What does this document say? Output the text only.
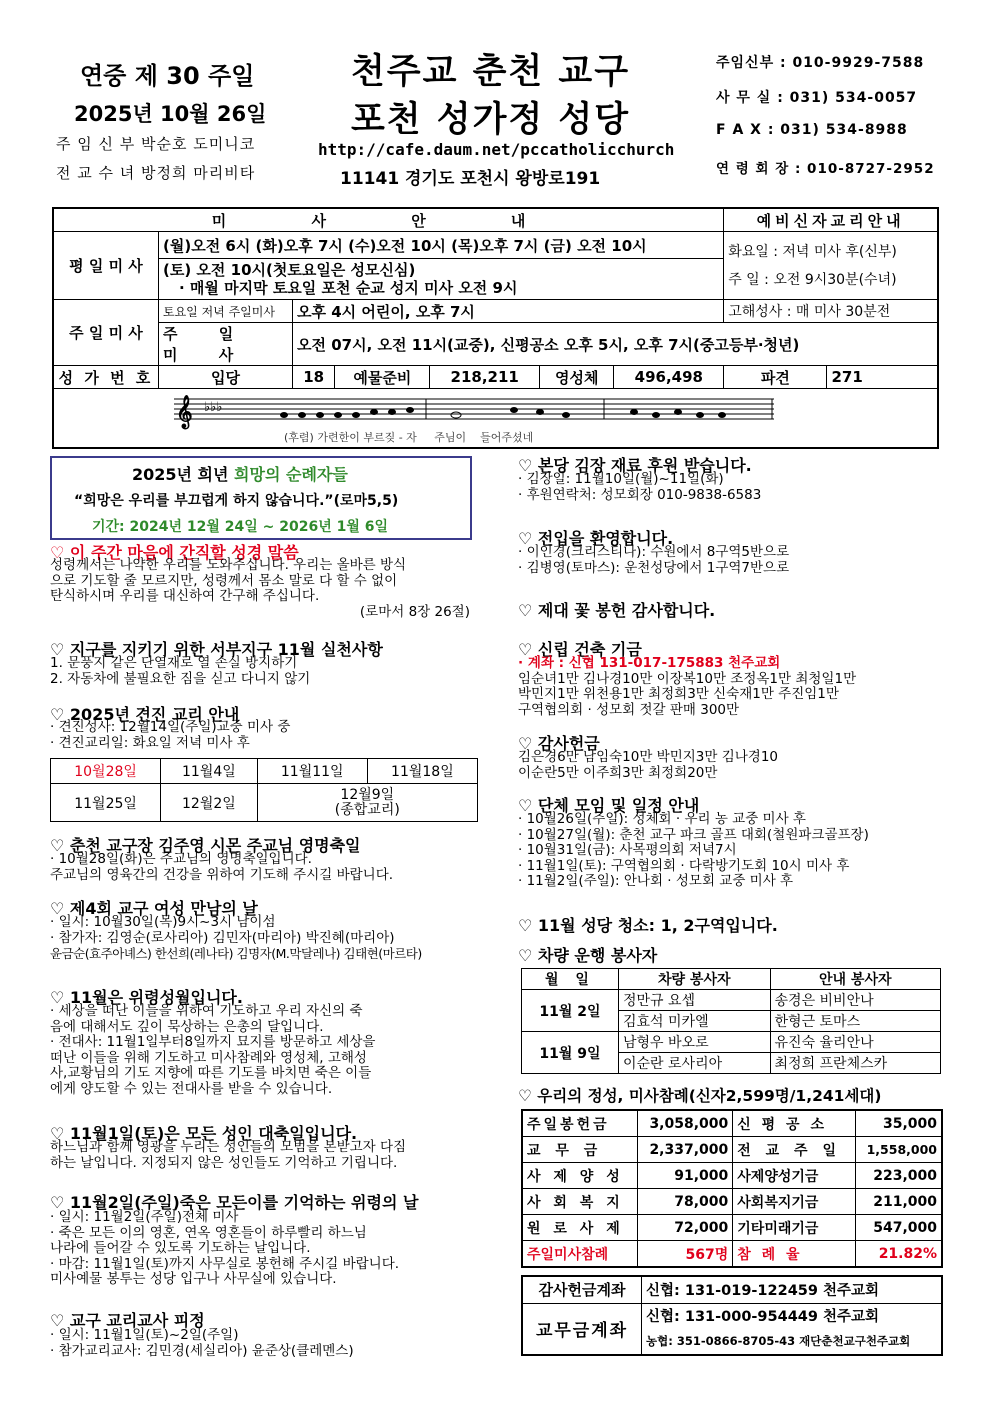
연중 제 30 주일
2025년 10월 26일
주 임 신 부 박순호 도미니코
전 교 수 녀 방정희 마리비타
천주교 춘천 교구
포천 성가정 성당
http://cafe.daum.net/pccatholicchurch
11141 경기도 포천시 왕방로191
주임신부 : 010-9929-7588
사 무 실 : 031) 534-0057
F A X : 031) 534-8988
연 령 회 장 : 010-8727-2952
미 사 안 내							예비신자교리안내	
평 일 미 사	(월)오전 6시 (화)오후 7시 (수)오전 10시 (목)오후 7시 (금) 오전 10시						화요일 : 저녁 미사 후(신부)
주 일 : 오전 9시30분(수녀)	

	(토) 오전 10시(첫토요일은 성모신심)
· 매월 마지막 토요일 포천 순교 성지 미사 오전 9시							

주 일 미 사	토요일 저녁 주일미사	오후 4시 어린이, 오후 7시					고해성사 : 매 미사 30분전	
	주 일 미 사	오전 07시, 오전 11시(교중), 신평공소 오후 5시, 오후 7시(중고등부·청년)						
성 가 번 호	입당	18	예물준비	218,211	영성체	496,498	파견	271

𝄞 ♭♭♭
(후렴) 가련한이 부르짖 - 자     주님이    들어주셨네								
2025년 희년 희망의 순례자들
“희망은 우리를 부끄럽게 하지 않습니다.”(로마5,5)
기간: 2024년 12월 24일 ~ 2026년 1월 6일
♡ 이 주간 마음에 간직할 성경 말씀
성령께서는 나약한 우리를 도와주십니다. 우리는 올바른 방식
으로 기도할 줄 모르지만, 성령께서 몸소 말로 다 할 수 없이
탄식하시며 우리를 대신하여 간구해 주십니다.
(로마서 8장 26절)
♡ 지구를 지키기 위한 서부지구 11월 실천사항
1. 문풍지 같은 단열재로 열 손실 방지하기
2. 자동차에 불필요한 짐을 싣고 다니지 않기
♡ 2025년 견진 교리 안내
· 견진성사: 12월14일(주일)교중 미사 중
· 견진교리일: 화요일 저녁 미사 후
10월28일	11월4일	11월11일	11월18일
11월25일	12월2일	12월9일
(종합교리)	
♡ 춘천 교구장 김주영 시몬 주교님 영명축일
· 10월28일(화)은 주교님의 영명축일입니다.
주교님의 영육간의 건강을 위하여 기도해 주시길 바랍니다.
♡ 제4회 교구 여성 만남의 날
· 일시: 10월30일(목)9시~3시 남이섬
· 참가자: 김영순(로사리아) 김민자(마리아) 박진혜(마리아)
윤금순(효주아녜스) 한선희(레나타) 김명자(M.막달레나) 김태현(마르타)
♡ 11월은 위령성월입니다.
· 세상을 떠난 이들을 위하여 기도하고 우리 자신의 죽
음에 대해서도 깊이 묵상하는 은총의 달입니다.
· 전대사: 11월1일부터8일까지 묘지를 방문하고 세상을
떠난 이들을 위해 기도하고 미사참례와 영성체, 고해성
사,교황님의 기도 지향에 따른 기도를 바치면 죽은 이들
에게 양도할 수 있는 전대사를 받을 수 있습니다.
♡ 11월1일(토)은 모든 성인 대축일입니다.
하느님과 함께 영광을 누리는 성인들의 모범을 본받고자 다짐
하는 날입니다. 지정되지 않은 성인들도 기억하고 기립니다.
♡ 11월2일(주일)죽은 모든이를 기억하는 위령의 날
· 일시: 11월2일(주일)전체 미사
· 죽은 모든 이의 영혼, 연옥 영혼들이 하루빨리 하느님
나라에 들어갈 수 있도록 기도하는 날입니다.
· 마감: 11월1일(토)까지 사무실로 봉헌해 주시길 바랍니다.
미사예물 봉투는 성당 입구나 사무실에 있습니다.
♡ 교구 교리교사 피정
· 일시: 11월1일(토)~2일(주일)
· 참가교리교사: 김민경(세실리아) 윤준상(클레멘스)
♡ 본당 김장 재료 후원 받습니다.
· 김장일: 11월10일(월)~11일(화)
· 후원연락처: 성모회장 010-9838-6583
♡ 전입을 환영합니다.
· 이인경(크리스티나): 수원에서 8구역5반으로
· 김병영(토마스): 운천성당에서 1구역7반으로
♡ 제대 꽃 봉헌 감사합니다.
♡ 신립 건축 기금
· 계좌 : 신협 131-017-175883 천주교회
임순녀1만 김나경10만 이장복10만 조정옥1만 최청일1만
박민지1만 위천용1만 최정희3만 신숙재1만 주진임1만
구역협의회 · 성모회 젓갈 판매 300만
♡ 감사헌금
김은경6만 남임숙10만 박민지3만 김나경10
이순란5만 이주희3만 최정희20만
♡ 단체 모임 및 일정 안내
· 10월26일(주일): 성체회 · 우리 농 교중 미사 후
· 10월27일(월): 춘천 교구 파크 골프 대회(철원파크골프장)
· 10월31일(금): 사목평의회 저녁7시
· 11월1일(토): 구역협의회 · 다락방기도회 10시 미사 후
· 11월2일(주일): 안나회 · 성모회 교중 미사 후
♡ 11월 성당 청소: 1, 2구역입니다.
♡ 차량 운행 봉사자
월 일	차량 봉사자	안내 봉사자
11월 2일	정만규 요셉	송경은 비비안나
	김효석 미카엘	한형근 토마스
11월 9일	남형우 바오로	유진숙 율리안나
	이순란 로사리아	최정희 프란체스카
♡ 우리의 정성, 미사참례(신자2,599명/1,241세대)
주일봉헌금	3,058,000	신 평 공 소	35,000
교 무 금	2,337,000	전 교 주 일	1,558,000
사 제 양 성	91,000	사제양성기금	223,000
사 회 복 지	78,000	사회복지기금	211,000
원 로 사 제	72,000	기타미래기금	547,000
주일미사참례	567명	참 례 율	21.82%
감사헌금계좌	신협: 131-019-122459 천주교회
교무금계좌	신협: 131-000-954449 천주교회
농협: 351-0866-8705-43 재단춘천교구천주교회
